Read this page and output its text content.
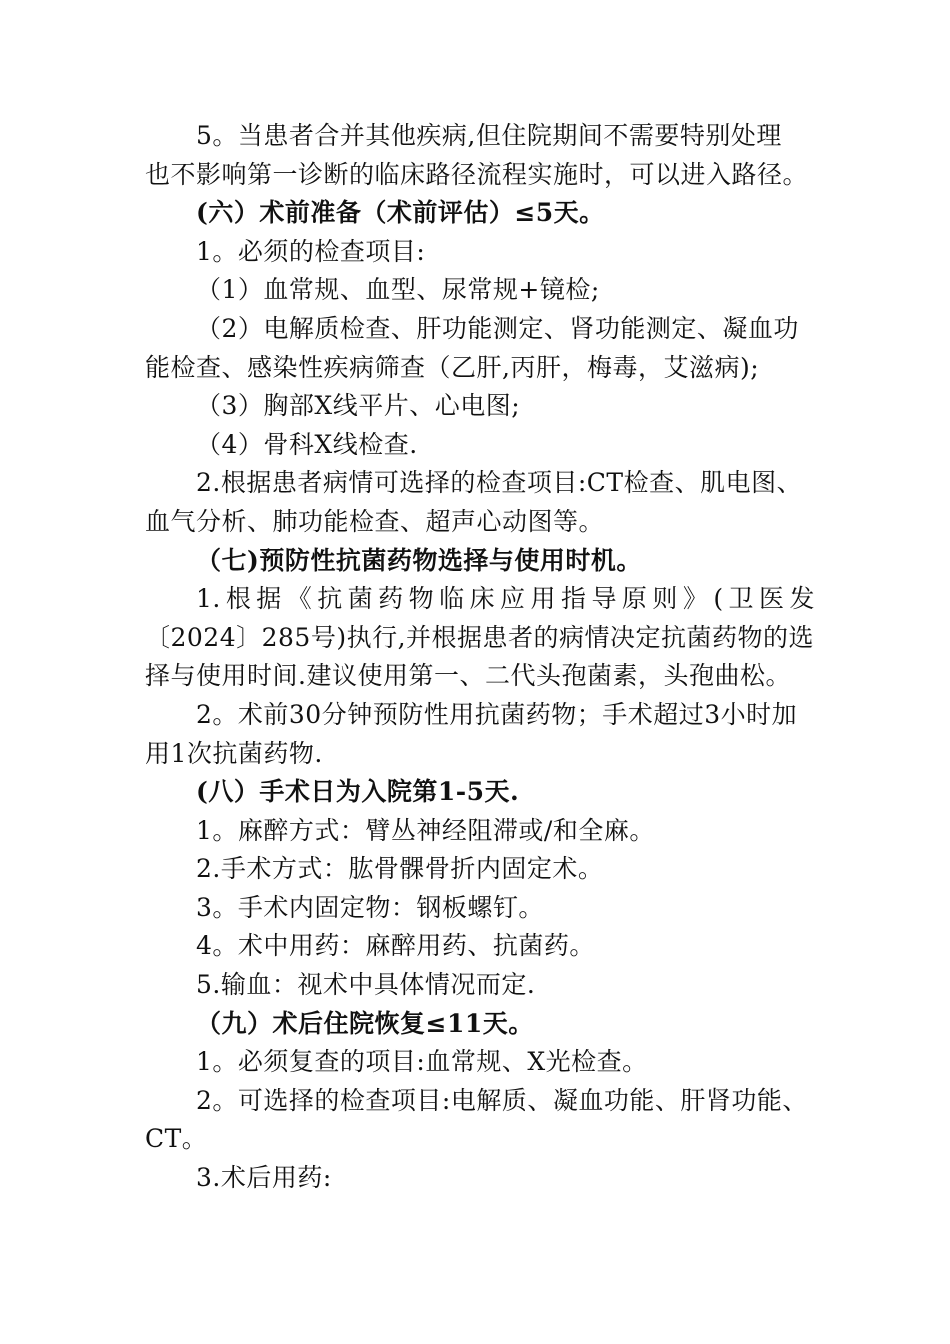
5。当患者合并其他疾病,但住院期间不需要特别处理
也不影响第一诊断的临床路径流程实施时，可以进入路径。
(六）术前准备（术前评估）≤5天。
1。必须的检查项目:
（1）血常规、血型、尿常规+镜检;
（2）电解质检查、肝功能测定、肾功能测定、凝血功
能检查、感染性疾病筛查（乙肝,丙肝，梅毒，艾滋病);
（3）胸部X线平片、心电图;
（4）骨科X线检查.
2.根据患者病情可选择的检查项目:CT检查、肌电图、
血气分析、肺功能检查、超声心动图等。
（七)预防性抗菌药物选择与使用时机。
1.根据《抗菌药物临床应用指导原则》(卫医发
〔2024〕285号)执行,并根据患者的病情决定抗菌药物的选
择与使用时间.建议使用第一、二代头孢菌素，头孢曲松。
2。术前30分钟预防性用抗菌药物；手术超过3小时加
用1次抗菌药物.
(八）手术日为入院第1-5天.
1。麻醉方式：臂丛神经阻滞或/和全麻。
2.手术方式：肱骨髁骨折内固定术。
3。手术内固定物：钢板螺钉。
4。术中用药：麻醉用药、抗菌药。
5.输血：视术中具体情况而定.
（九）术后住院恢复≤11天。
1。必须复查的项目:血常规、X光检查。
2。可选择的检查项目:电解质、凝血功能、肝肾功能、
CT。
3.术后用药:
